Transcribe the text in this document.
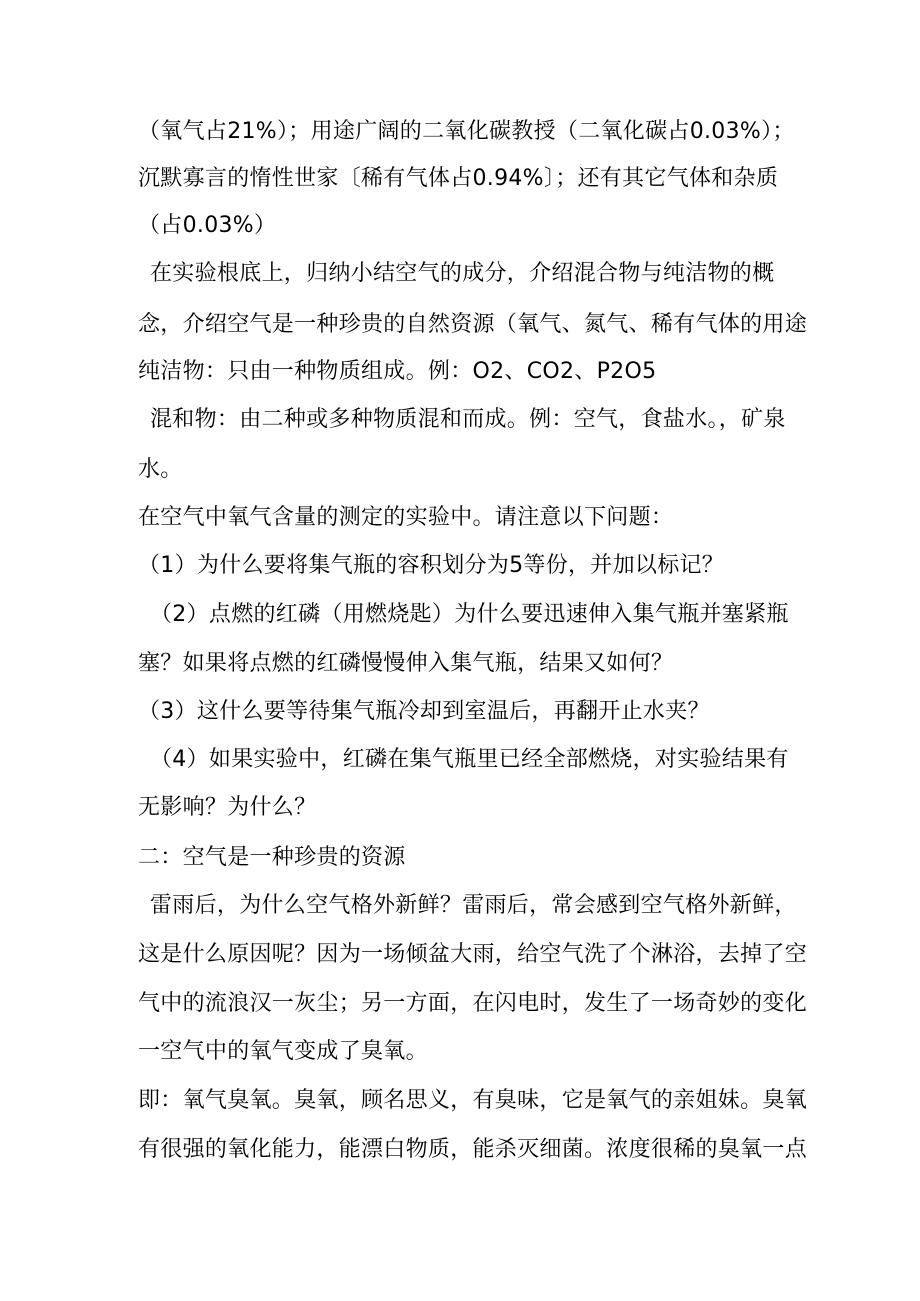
（氧气占21%）；用途广阔的二氧化碳教授（二氧化碳占0.03%）；
沉默寡言的惰性世家〔稀有气体占0.94%〕；还有其它气体和杂质
（占0.03%）
在实验根底上，归纳小结空气的成分，介绍混合物与纯洁物的概
念，介绍空气是一种珍贵的自然资源（氧气、氮气、稀有气体的用途
纯洁物：只由一种物质组成。例：O2、CO2、P2O5
混和物：由二种或多种物质混和而成。例：空气，食盐水。，矿泉
水。
在空气中氧气含量的测定的实验中。请注意以下问题：
（1）为什么要将集气瓶的容积划分为5等份，并加以标记？
（2）点燃的红磷（用燃烧匙）为什么要迅速伸入集气瓶并塞紧瓶
塞？如果将点燃的红磷慢慢伸入集气瓶，结果又如何？
（3）这什么要等待集气瓶冷却到室温后，再翻开止水夹？
（4）如果实验中，红磷在集气瓶里已经全部燃烧，对实验结果有
无影响？为什么？
二：空气是一种珍贵的资源
雷雨后，为什么空气格外新鲜？雷雨后，常会感到空气格外新鲜，
这是什么原因呢？因为一场倾盆大雨，给空气洗了个淋浴，去掉了空
气中的流浪汉一灰尘；另一方面，在闪电时，发生了一场奇妙的变化
一空气中的氧气变成了臭氧。
即：氧气臭氧。臭氧，顾名思义，有臭味，它是氧气的亲姐妹。臭氧
有很强的氧化能力，能漂白物质，能杀灭细菌。浓度很稀的臭氧一点
